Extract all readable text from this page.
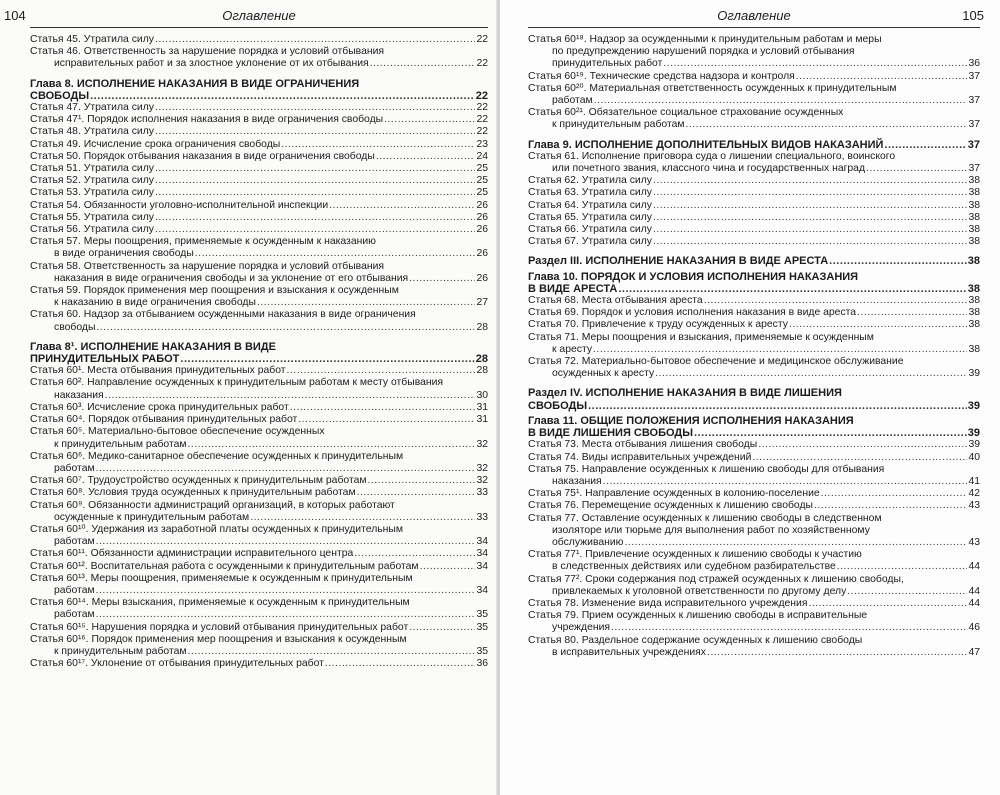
104	Оглавление
Статья 45. Утратила силу .....	22
Статья 46. Ответственность за нарушение порядка и условий отбывания
исправительных работ и за злостное уклонение от их отбывания .....	22
Глава 8. ИСПОЛНЕНИЕ НАКАЗАНИЯ В ВИДЕ ОГРАНИЧЕНИЯ
СВОБОДЫ .....	22
Статья 47. Утратила силу .....	22
Статья 47¹. Порядок исполнения наказания в виде ограничения свободы .....	22
Статья 48. Утратила силу .....	22
Статья 49. Исчисление срока ограничения свободы .....	23
Статья 50. Порядок отбывания наказания в виде ограничения свободы .....	24
Статья 51. Утратила силу .....	25
Статья 52. Утратила силу .....	25
Статья 53. Утратила силу .....	25
Статья 54. Обязанности уголовно-исполнительной инспекции .....	26
Статья 55. Утратила силу .....	26
Статья 56. Утратила силу .....	26
Статья 57. Меры поощрения, применяемые к осужденным к наказанию
в виде ограничения свободы .....	26
Статья 58. Ответственность за нарушение порядка и условий отбывания
наказания в виде ограничения свободы и за уклонение от его отбывания .....	26
Статья 59. Порядок применения мер поощрения и взыскания к осужденным
к наказанию в виде ограничения свободы .....	27
Статья 60. Надзор за отбыванием осужденными наказания в виде ограничения
свободы .....	28
Глава 8¹. ИСПОЛНЕНИЕ НАКАЗАНИЯ В ВИДЕ
ПРИНУДИТЕЛЬНЫХ РАБОТ .....	28
Статья 60¹. Места отбывания принудительных работ .....	28
Статья 60². Направление осужденных к принудительным работам к месту отбывания
наказания .....	30
Статья 60³. Исчисление срока принудительных работ .....	31
Статья 60⁴. Порядок отбывания принудительных работ .....	31
Статья 60⁵. Материально-бытовое обеспечение осужденных
к принудительным работам .....	32
Статья 60⁶. Медико-санитарное обеспечение осужденных к принудительным
работам .....	32
Статья 60⁷. Трудоустройство осужденных к принудительным работам .....	32
Статья 60⁸. Условия труда осужденных к принудительным работам .....	33
Статья 60⁹. Обязанности администраций организаций, в которых работают
осужденные к принудительным работам .....	33
Статья 60¹⁰. Удержания из заработной платы осужденных к принудительным
работам .....	34
Статья 60¹¹. Обязанности администрации исправительного центра .....	34
Статья 60¹². Воспитательная работа с осужденными к принудительным работам .....	34
Статья 60¹³. Меры поощрения, применяемые к осужденным к принудительным
работам .....	34
Статья 60¹⁴. Меры взыскания, применяемые к осужденным к принудительным
работам .....	35
Статья 60¹⁵. Нарушения порядка и условий отбывания принудительных работ .....	35
Статья 60¹⁶. Порядок применения мер поощрения и взыскания к осужденным
к принудительным работам .....	35
Статья 60¹⁷. Уклонение от отбывания принудительных работ .....	36
Оглавление	105
Статья 60¹⁸. Надзор за осужденными к принудительным работам и меры
по предупреждению нарушений порядка и условий отбывания
принудительных работ .....	36
Статья 60¹⁹. Технические средства надзора и контроля .....	37
Статья 60²⁰. Материальная ответственность осужденных к принудительным
работам .....	37
Статья 60²¹. Обязательное социальное страхование осужденных
к принудительным работам .....	37
Глава 9. ИСПОЛНЕНИЕ ДОПОЛНИТЕЛЬНЫХ ВИДОВ НАКАЗАНИЙ .....	37
Статья 61. Исполнение приговора суда о лишении специального, воинского
или почетного звания, классного чина и государственных наград .....	37
Статья 62. Утратила силу .....	38
Статья 63. Утратила силу .....	38
Статья 64. Утратила силу .....	38
Статья 65. Утратила силу .....	38
Статья 66. Утратила силу .....	38
Статья 67. Утратила силу .....	38
Раздел III. ИСПОЛНЕНИЕ НАКАЗАНИЯ В ВИДЕ АРЕСТА .....	38
Глава 10. ПОРЯДОК И УСЛОВИЯ ИСПОЛНЕНИЯ НАКАЗАНИЯ
В ВИДЕ АРЕСТА .....	38
Статья 68. Места отбывания ареста .....	38
Статья 69. Порядок и условия исполнения наказания в виде ареста .....	38
Статья 70. Привлечение к труду осужденных к аресту .....	38
Статья 71. Меры поощрения и взыскания, применяемые к осужденным
к аресту .....	38
Статья 72. Материально-бытовое обеспечение и медицинское обслуживание
осужденных к аресту .....	39
Раздел IV. ИСПОЛНЕНИЕ НАКАЗАНИЯ В ВИДЕ ЛИШЕНИЯ
СВОБОДЫ .....	39
Глава 11. ОБЩИЕ ПОЛОЖЕНИЯ ИСПОЛНЕНИЯ НАКАЗАНИЯ
В ВИДЕ ЛИШЕНИЯ СВОБОДЫ .....	39
Статья 73. Места отбывания лишения свободы .....	39
Статья 74. Виды исправительных учреждений .....	40
Статья 75. Направление осужденных к лишению свободы для отбывания
наказания .....	41
Статья 75¹. Направление осужденных в колонию-поселение .....	42
Статья 76. Перемещение осужденных к лишению свободы .....	43
Статья 77. Оставление осужденных к лишению свободы в следственном
изоляторе или тюрьме для выполнения работ по хозяйственному
обслуживанию .....	43
Статья 77¹. Привлечение осужденных к лишению свободы к участию
в следственных действиях или судебном разбирательстве .....	44
Статья 77². Сроки содержания под стражей осужденных к лишению свободы,
привлекаемых к уголовной ответственности по другому делу .....	44
Статья 78. Изменение вида исправительного учреждения .....	44
Статья 79. Прием осужденных к лишению свободы в исправительные
учреждения .....	46
Статья 80. Раздельное содержание осужденных к лишению свободы
в исправительных учреждениях .....	47
